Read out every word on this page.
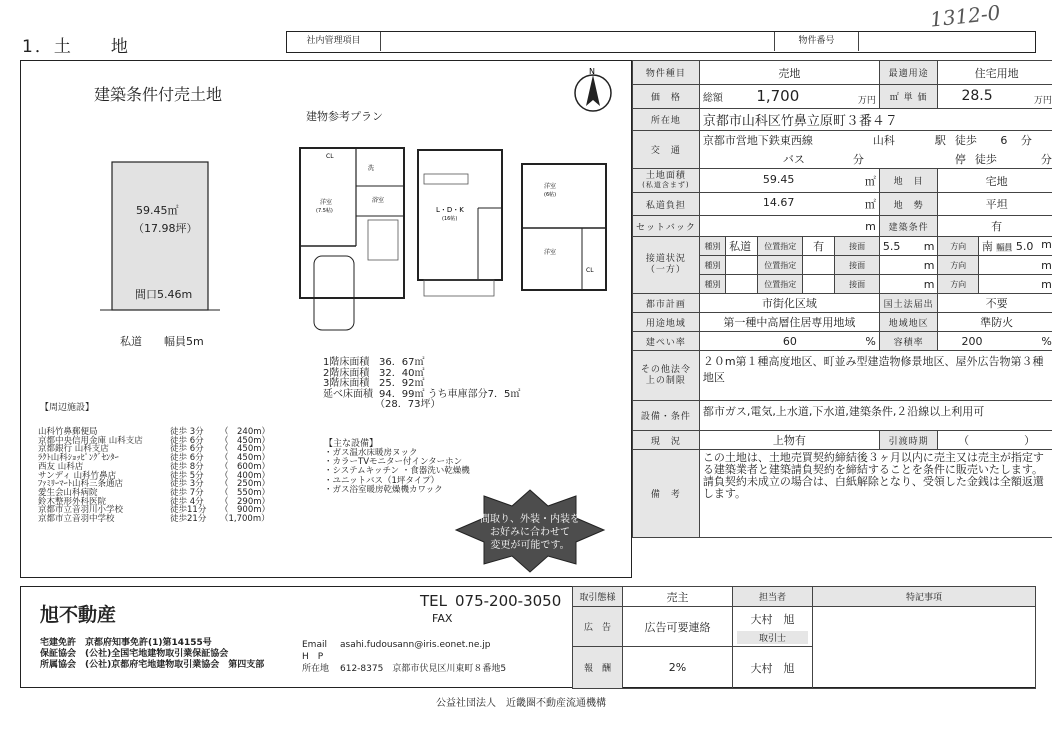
1．土　　地
1312-0
社内管理項目	物件番号
建築条件付売土地
N
59.45㎡
（17.98坪）
間口5.46m
私道　　幅員5m
建物参考プラン
CL
洋室
(7.5帖)
洗
浴室
L・D・K
(16帖)
洋室
(6帖)
洋室
CL
1階床面積 36．67㎡
2階床面積 32．40㎡
3階床面積 25．92㎡
延べ床面積 94．99㎡ うち車庫部分7．5㎡
（28．73坪）
【周辺施設】
山科竹鼻郵便局	徒歩 3分 （　240m）
京都中央信用金庫 山科支店	徒歩 6分 （　450m）
京都銀行 山科支店	徒歩 6分 （　450m）
ﾗｸﾄ山科ｼｮｯﾋﾟﾝｸﾞｾﾝﾀｰ	徒歩 6分 （　450m）
西友 山科店	徒歩 8分 （　600m）
サンディ 山科竹鼻店	徒歩 5分 （　400m）
ﾌｧﾐﾘｰﾏｰﾄ山科三条通店	徒歩 3分 （　250m）
愛生会山科病院	徒歩 7分 （　550m）
鈴木整形外科医院	徒歩 4分 （　290m）
京都市立音羽川小学校	徒歩11分 （　900m）
京都市立音羽中学校	徒歩21分 （1,700m）
【主な設備】
・ガス温水床暖房ヌック
・カラーTVモニター付インターホン
・システムキッチン ・食器洗い乾燥機
・ユニットバス（1坪タイプ）
・ガス浴室暖房乾燥機カワック
間取り、外装・内装を
お好みに合わせて
変更が可能です。
物件種目	売地					最適用途	住宅用地	
価　格	総額 1,700 万円					㎡ 単 価	28.5 万円	

所在地	京都市山科区竹鼻立原町３番４７							
交　通	京都市営地下鉄東西線 山科 駅 徒歩 6 分							
	バス 分 停 徒歩 分							
土地面積
(私道含まず)	59.45 ㎡					地　目	宅地	
私道負担	14.67 ㎡					地　勢	平坦	
セットバック	m					建築条件	有	
接道状況
（一方）	種別	私道	位置指定	有	接面	5.5 m	方向	南 幅員 5.0 m

	種別		位置指定		接面	m	方向	m
	種別		位置指定		接面	m	方向	m
都市計画	市街化区域					国土法届出	不要	
用途地域	第一種中高層住居専用地域					地域地区	準防火	
建ぺい率	60 %					容積率	200 %	

その他法令上の制限	２０m第１種高度地区、町並み型建造物修景地区、屋外広告物第３種地区							
設備・条件	都市ガス,電気,上水道,下水道,建築条件,２沿線以上利用可							
現　況	上物有					引渡時期	（　　　　　）	
備　考	この土地は、土地売買契約締結後３ヶ月以内に売主又は売主が指定する建築業者と建築請負契約を締結することを条件に販売いたします。請負契約未成立の場合は、白紙解除となり、受領した金銭は全額返還します。							
旭不動産
TEL 075-200-3050
FAX
宅建免許　京都府知事免許(1)第14155号
保証協会　(公社)全国宅地建物取引業保証協会
所属協会　(公社)京都府宅地建物取引業協会　第四支部
Email asahi.fudousann@iris.eonet.ne.jp
H　P
所在地 612-8375　京都市伏見区川東町８番地5
取引態様	売主	担当者	特記事項
広　告	広告可要連絡	大村　旭
取引士	

報　酬	2%	大村　旭	
公益社団法人　近畿圏不動産流通機構
